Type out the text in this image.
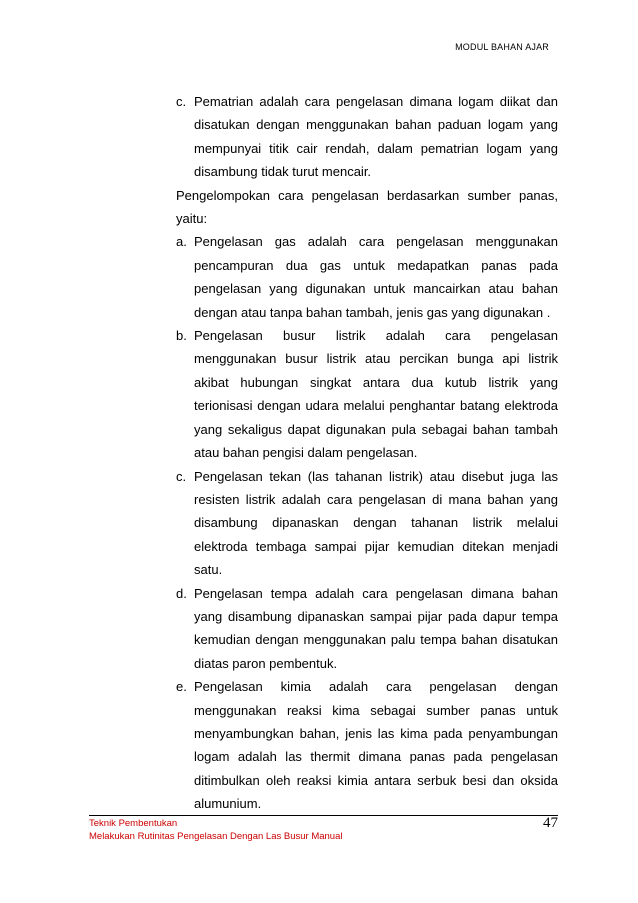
MODUL BAHAN AJAR
c. Pematrian adalah cara pengelasan dimana logam diikat dan disatukan dengan menggunakan bahan paduan logam yang mempunyai titik cair rendah, dalam pematrian logam yang disambung tidak turut mencair.
Pengelompokan cara pengelasan berdasarkan sumber panas, yaitu:
a. Pengelasan gas adalah cara pengelasan menggunakan pencampuran dua gas untuk medapatkan panas pada pengelasan yang digunakan untuk mancairkan atau bahan dengan atau tanpa bahan tambah, jenis gas yang digunakan .
b. Pengelasan busur listrik adalah cara pengelasan menggunakan busur listrik atau percikan bunga api listrik akibat hubungan singkat antara dua kutub listrik yang terionisasi dengan udara melalui penghantar batang elektroda yang sekaligus dapat digunakan pula sebagai bahan tambah atau bahan pengisi dalam pengelasan.
c. Pengelasan tekan (las tahanan listrik) atau disebut juga las resisten listrik adalah cara pengelasan di mana bahan yang disambung dipanaskan dengan tahanan listrik melalui elektroda tembaga sampai pijar kemudian ditekan menjadi satu.
d. Pengelasan tempa adalah cara pengelasan dimana bahan yang disambung dipanaskan sampai pijar pada dapur tempa kemudian dengan menggunakan palu tempa bahan disatukan diatas paron pembentuk.
e. Pengelasan kimia adalah cara pengelasan dengan menggunakan reaksi kima sebagai sumber panas untuk menyambungkan bahan, jenis las kima pada penyambungan logam adalah las thermit dimana panas pada pengelasan ditimbulkan oleh reaksi kimia antara serbuk besi dan oksida alumunium.
Teknik Pembentukan
Melakukan Rutinitas Pengelasan Dengan Las Busur Manual
47
